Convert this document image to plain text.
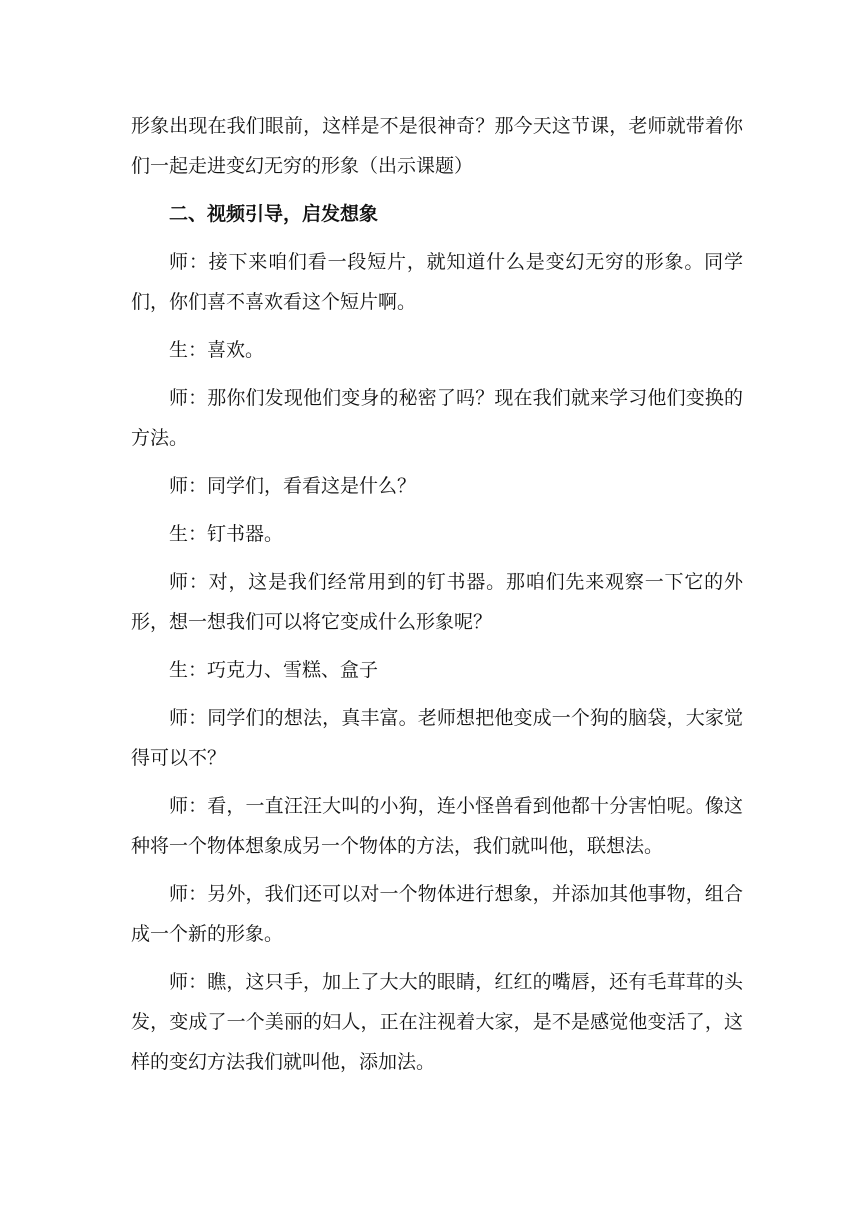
形象出现在我们眼前，这样是不是很神奇？那今天这节课，老师就带着你们一起走进变幻无穷的形象（出示课题）

二、视频引导，启发想象

师：接下来咱们看一段短片，就知道什么是变幻无穷的形象。同学们，你们喜不喜欢看这个短片啊。

生：喜欢。

师：那你们发现他们变身的秘密了吗？现在我们就来学习他们变换的方法。

师：同学们，看看这是什么？

生：钉书器。

师：对，这是我们经常用到的钉书器。那咱们先来观察一下它的外形，想一想我们可以将它变成什么形象呢？

生：巧克力、雪糕、盒子

师：同学们的想法，真丰富。老师想把他变成一个狗的脑袋，大家觉得可以不？

师：看，一直汪汪大叫的小狗，连小怪兽看到他都十分害怕呢。像这种将一个物体想象成另一个物体的方法，我们就叫他，联想法。

师：另外，我们还可以对一个物体进行想象，并添加其他事物，组合成一个新的形象。

师：瞧，这只手，加上了大大的眼睛，红红的嘴唇，还有毛茸茸的头发，变成了一个美丽的妇人，正在注视着大家，是不是感觉他变活了，这样的变幻方法我们就叫他，添加法。
